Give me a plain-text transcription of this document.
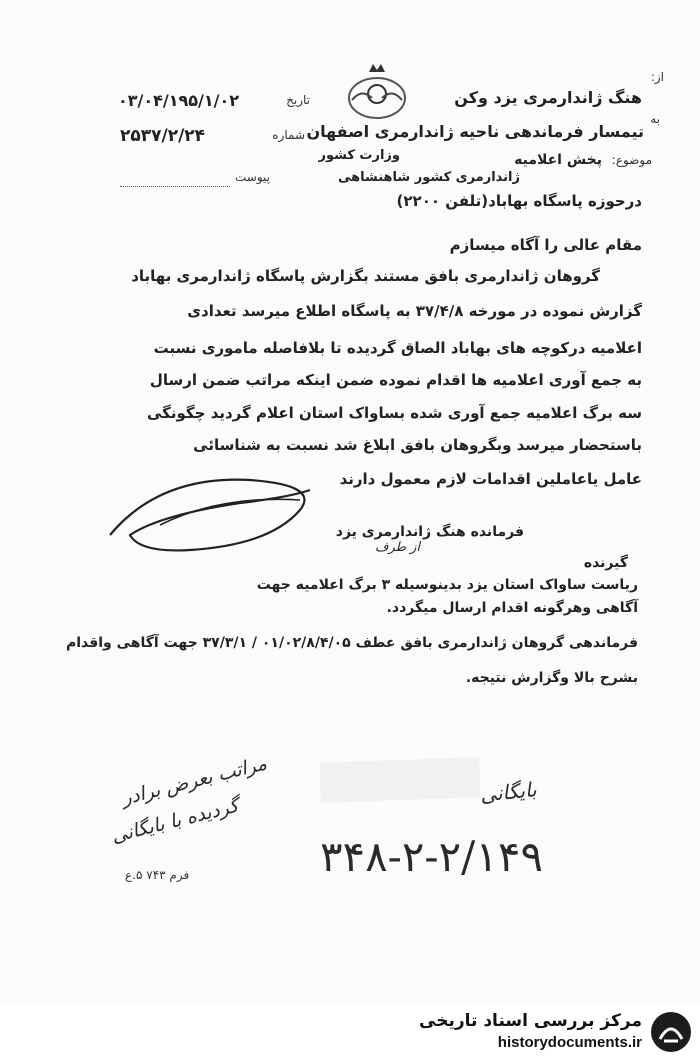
از:
هنگ ژاندارمری یزد وکن
تاریخ
۰۳/۰۴/۱۹۵/۱/۰۲
به
تیمسار فرماندهی ناحیه ژاندارمری اصفهان
شماره
۲۵۳۷/۲/۲۴
وزارت کشور	موضوع:
پخش اعلامیه
ژاندارمری کشور شاهنشاهی
پیوست
درحوزه پاسگاه بهاباد(تلفن ۲۲۰۰)
مقام عالی را آگاه میسازم
گروهان ژاندارمری بافق مستند بگزارش پاسگاه ژاندارمری بهاباد
گزارش نموده در مورخه ۳۷/۴/۸ به پاسگاه اطلاع میرسد تعدادی
اعلامیه درکوچه های بهاباد الصاق گردیده تا بلافاصله ماموری نسبت
به جمع آوری اعلامیه ها اقدام نموده ضمن اینکه مراتب ضمن ارسال
سه برگ اعلامیه جمع آوری شده بساواک استان اعلام گردید چگونگی
باستحضار میرسد وبگروهان بافق ابلاغ شد نسبت به شناسائی
عامل یاعاملین اقدامات لازم معمول دارند
فرمانده هنگ ژاندارمری یزد
از طرف
گیرنده
ریاست ساواک استان یزد بدینوسیله ۳ برگ اعلامیه جهت
آگاهی وهرگونه اقدام ارسال میگردد.
فرماندهی گروهان ژاندارمری بافق عطف ۰۱/۰۲/۸/۴/۰۵ / ۳۷/۳/۱ جهت آگاهی واقدام
بشرح بالا وگزارش نتیجه.
مراتب بعرض برادر
گردیده با بایگانی
بایگانی
۳۴۸-۲-۲/۱۴۹
فرم ۷۴۳ ۵.ع
مرکز بررسی اسناد تاریخی
historydocuments.ir
